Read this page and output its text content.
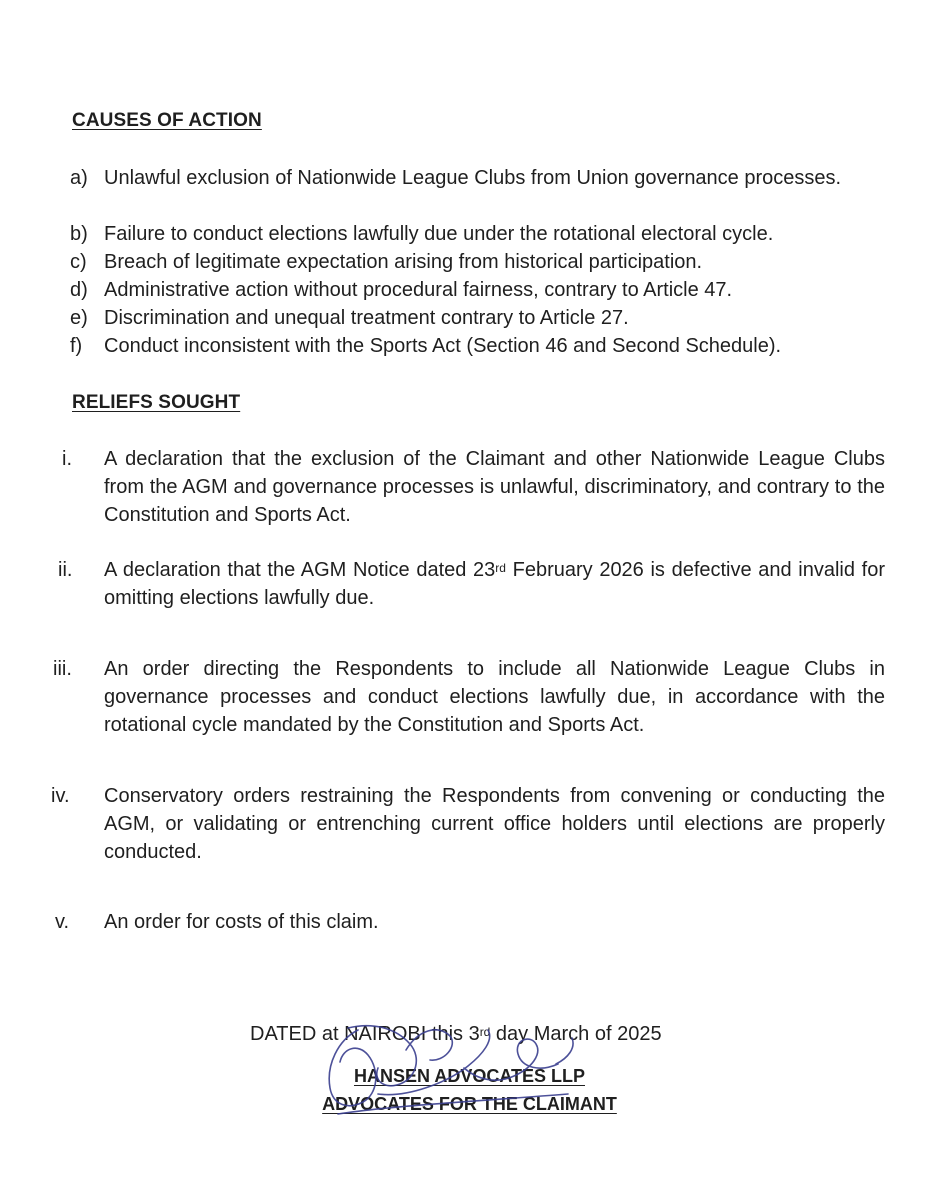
CAUSES OF ACTION
a) Unlawful exclusion of Nationwide League Clubs from Union governance processes.
b) Failure to conduct elections lawfully due under the rotational electoral cycle.
c) Breach of legitimate expectation arising from historical participation.
d) Administrative action without procedural fairness, contrary to Article 47.
e) Discrimination and unequal treatment contrary to Article 27.
f)	Conduct inconsistent with the Sports Act (Section 46 and Second Schedule).
RELIEFS SOUGHT
i.	A declaration that the exclusion of the Claimant and other Nationwide League Clubs from the AGM and governance processes is unlawful, discriminatory, and contrary to the Constitution and Sports Act.
ii.	A declaration that the AGM Notice dated 23rd February 2026 is defective and invalid for omitting elections lawfully due.
iii.	An order directing the Respondents to include all Nationwide League Clubs in governance processes and conduct elections lawfully due, in accordance with the rotational cycle mandated by the Constitution and Sports Act.
iv.	Conservatory orders restraining the Respondents from convening or conducting the AGM, or validating or entrenching current office holders until elections are properly conducted.
v.	An order for costs of this claim.
DATED at NAIROBI this 3rd day March of 2025
HANSEN ADVOCATES LLP
ADVOCATES FOR THE CLAIMANT
